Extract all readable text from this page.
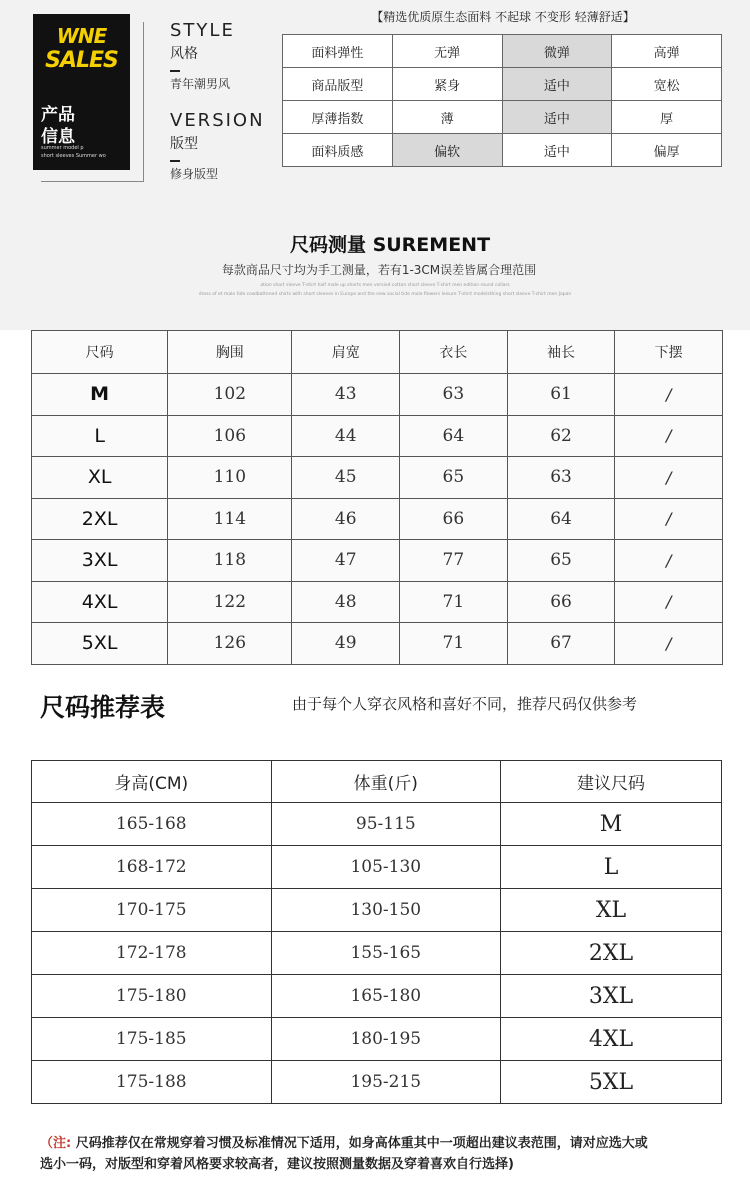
WNE
SALES
产品
信息
summer model p
short sleeves Summer wo
STYLE
风格
青年潮男风
VERSION
版型
修身版型
【精选优质原生态面料 不起球 不变形 轻薄舒适】
面料弹性	无弹	微弹	高弹
商品版型	紧身	适中	宽松
厚薄指数	薄	适中	厚
面料质感	偏软	适中	偏厚
尺码测量 SUREMENT
每款商品尺寸均为手工测量，若有1-3CM误差皆属合理范围
ation short sleeve T-shirt half male up shorts men versied cotton short sleeve T-shirt men edition round collars
dress of et male tide cowlbattened shirts with short sleeves in Europe and the new social tide male flowers leisure T-shirt modelsthing short sleeve T-shirt men Japan
尺码	胸围	肩宽	衣长	袖长	下摆
M	102	43	63	61	/
L	106	44	64	62	/
XL	110	45	65	63	/
2XL	114	46	66	64	/
3XL	118	47	77	65	/
4XL	122	48	71	66	/
5XL	126	49	71	67	/
尺码推荐表	由于每个人穿衣风格和喜好不同，推荐尺码仅供参考
身高(CM)	体重(斤)	建议尺码
165-168	95-115	M
168-172	105-130	L
170-175	130-150	XL
172-178	155-165	2XL
175-180	165-180	3XL
175-185	180-195	4XL
175-188	195-215	5XL
（注: 尺码推荐仅在常规穿着习惯及标准情况下适用，如身高体重其中一项超出建议表范围，请对应选大或
选小一码，对版型和穿着风格要求较高者，建议按照测量数据及穿着喜欢自行选择)
